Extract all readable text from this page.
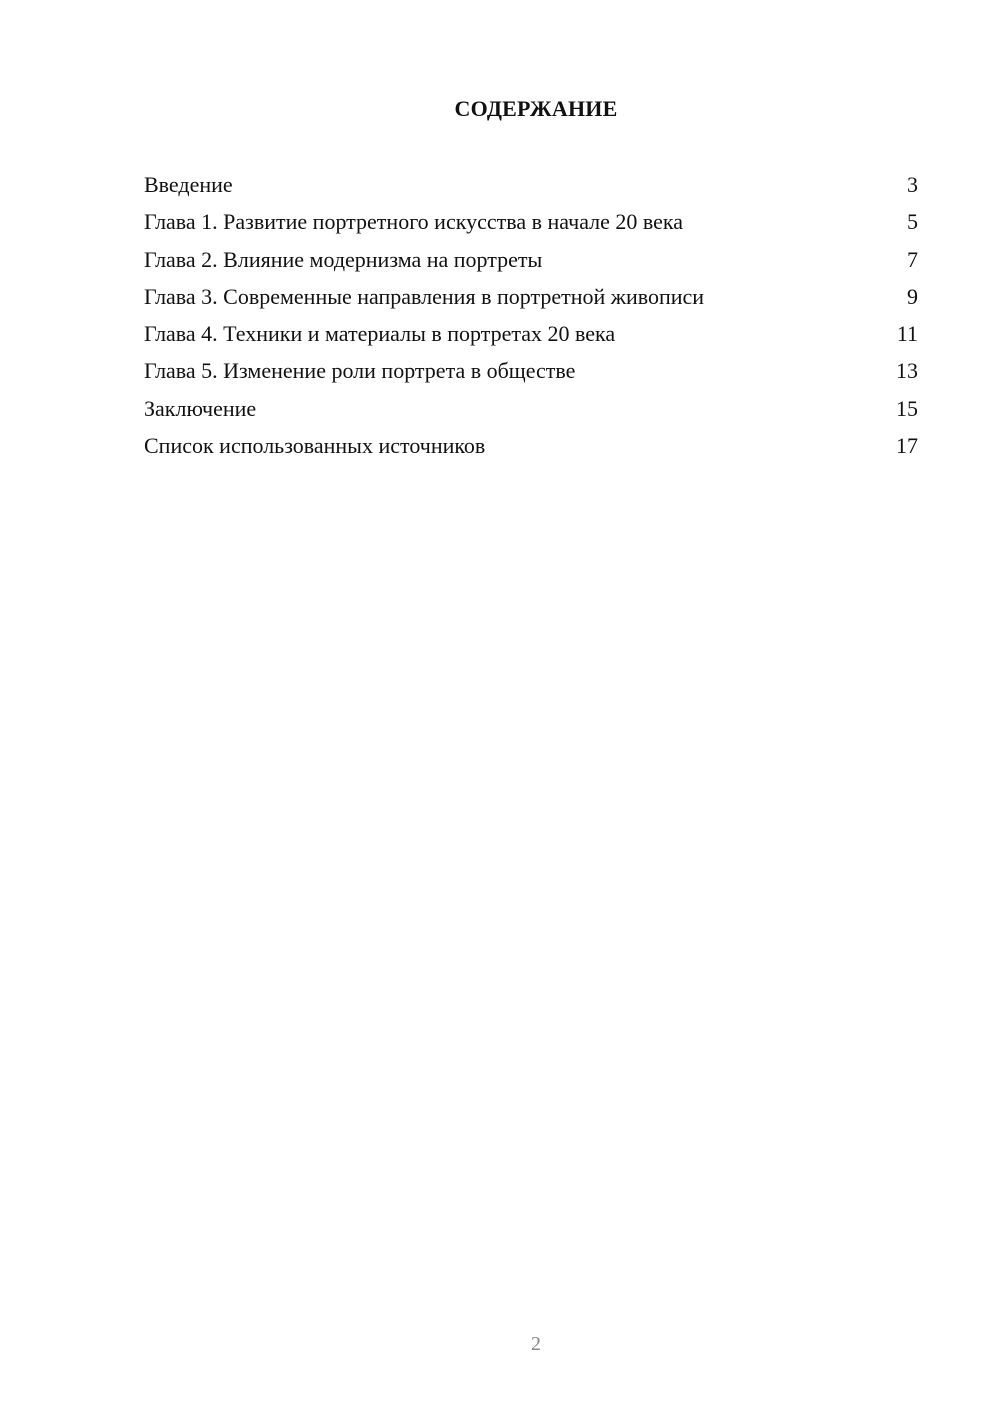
СОДЕРЖАНИЕ
Введение	3
Глава 1. Развитие портретного искусства в начале 20 века	5
Глава 2. Влияние модернизма на портреты	7
Глава 3. Современные направления в портретной живописи	9
Глава 4. Техники и материалы в портретах 20 века	11
Глава 5. Изменение роли портрета в обществе	13
Заключение	15
Список использованных источников	17
2
